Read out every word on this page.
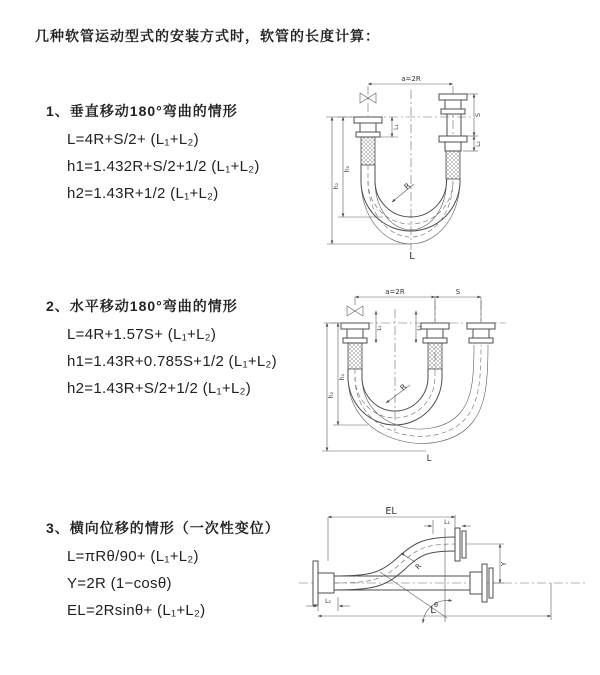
几种软管运动型式的安装方式时，软管的长度计算：
1、垂直移动180°弯曲的情形
L=4R+S/2+ (L₁+L₂)
h1=1.432R+S/2+1/2 (L₁+L₂)
h2=1.43R+1/2 (L₁+L₂)
a=2R
S
L₂
L₁
h₁
h₂	R
L
2、水平移动180°弯曲的情形
L=4R+1.57S+ (L₁+L₂)
h1=1.43R+0.785S+1/2 (L₁+L₂)
h2=1.43R+S/2+1/2 (L₁+L₂)
a=2R	S
L₁	L₂
h₁
h₂
R
L
3、横向位移的情形（一次性变位）
L=πRθ/90+ (L₁+L₂)
Y=2R (1−cosθ)
EL=2Rsinθ+ (L₁+L₂)
EL
L₁
Y
θ
R
L₂
L
